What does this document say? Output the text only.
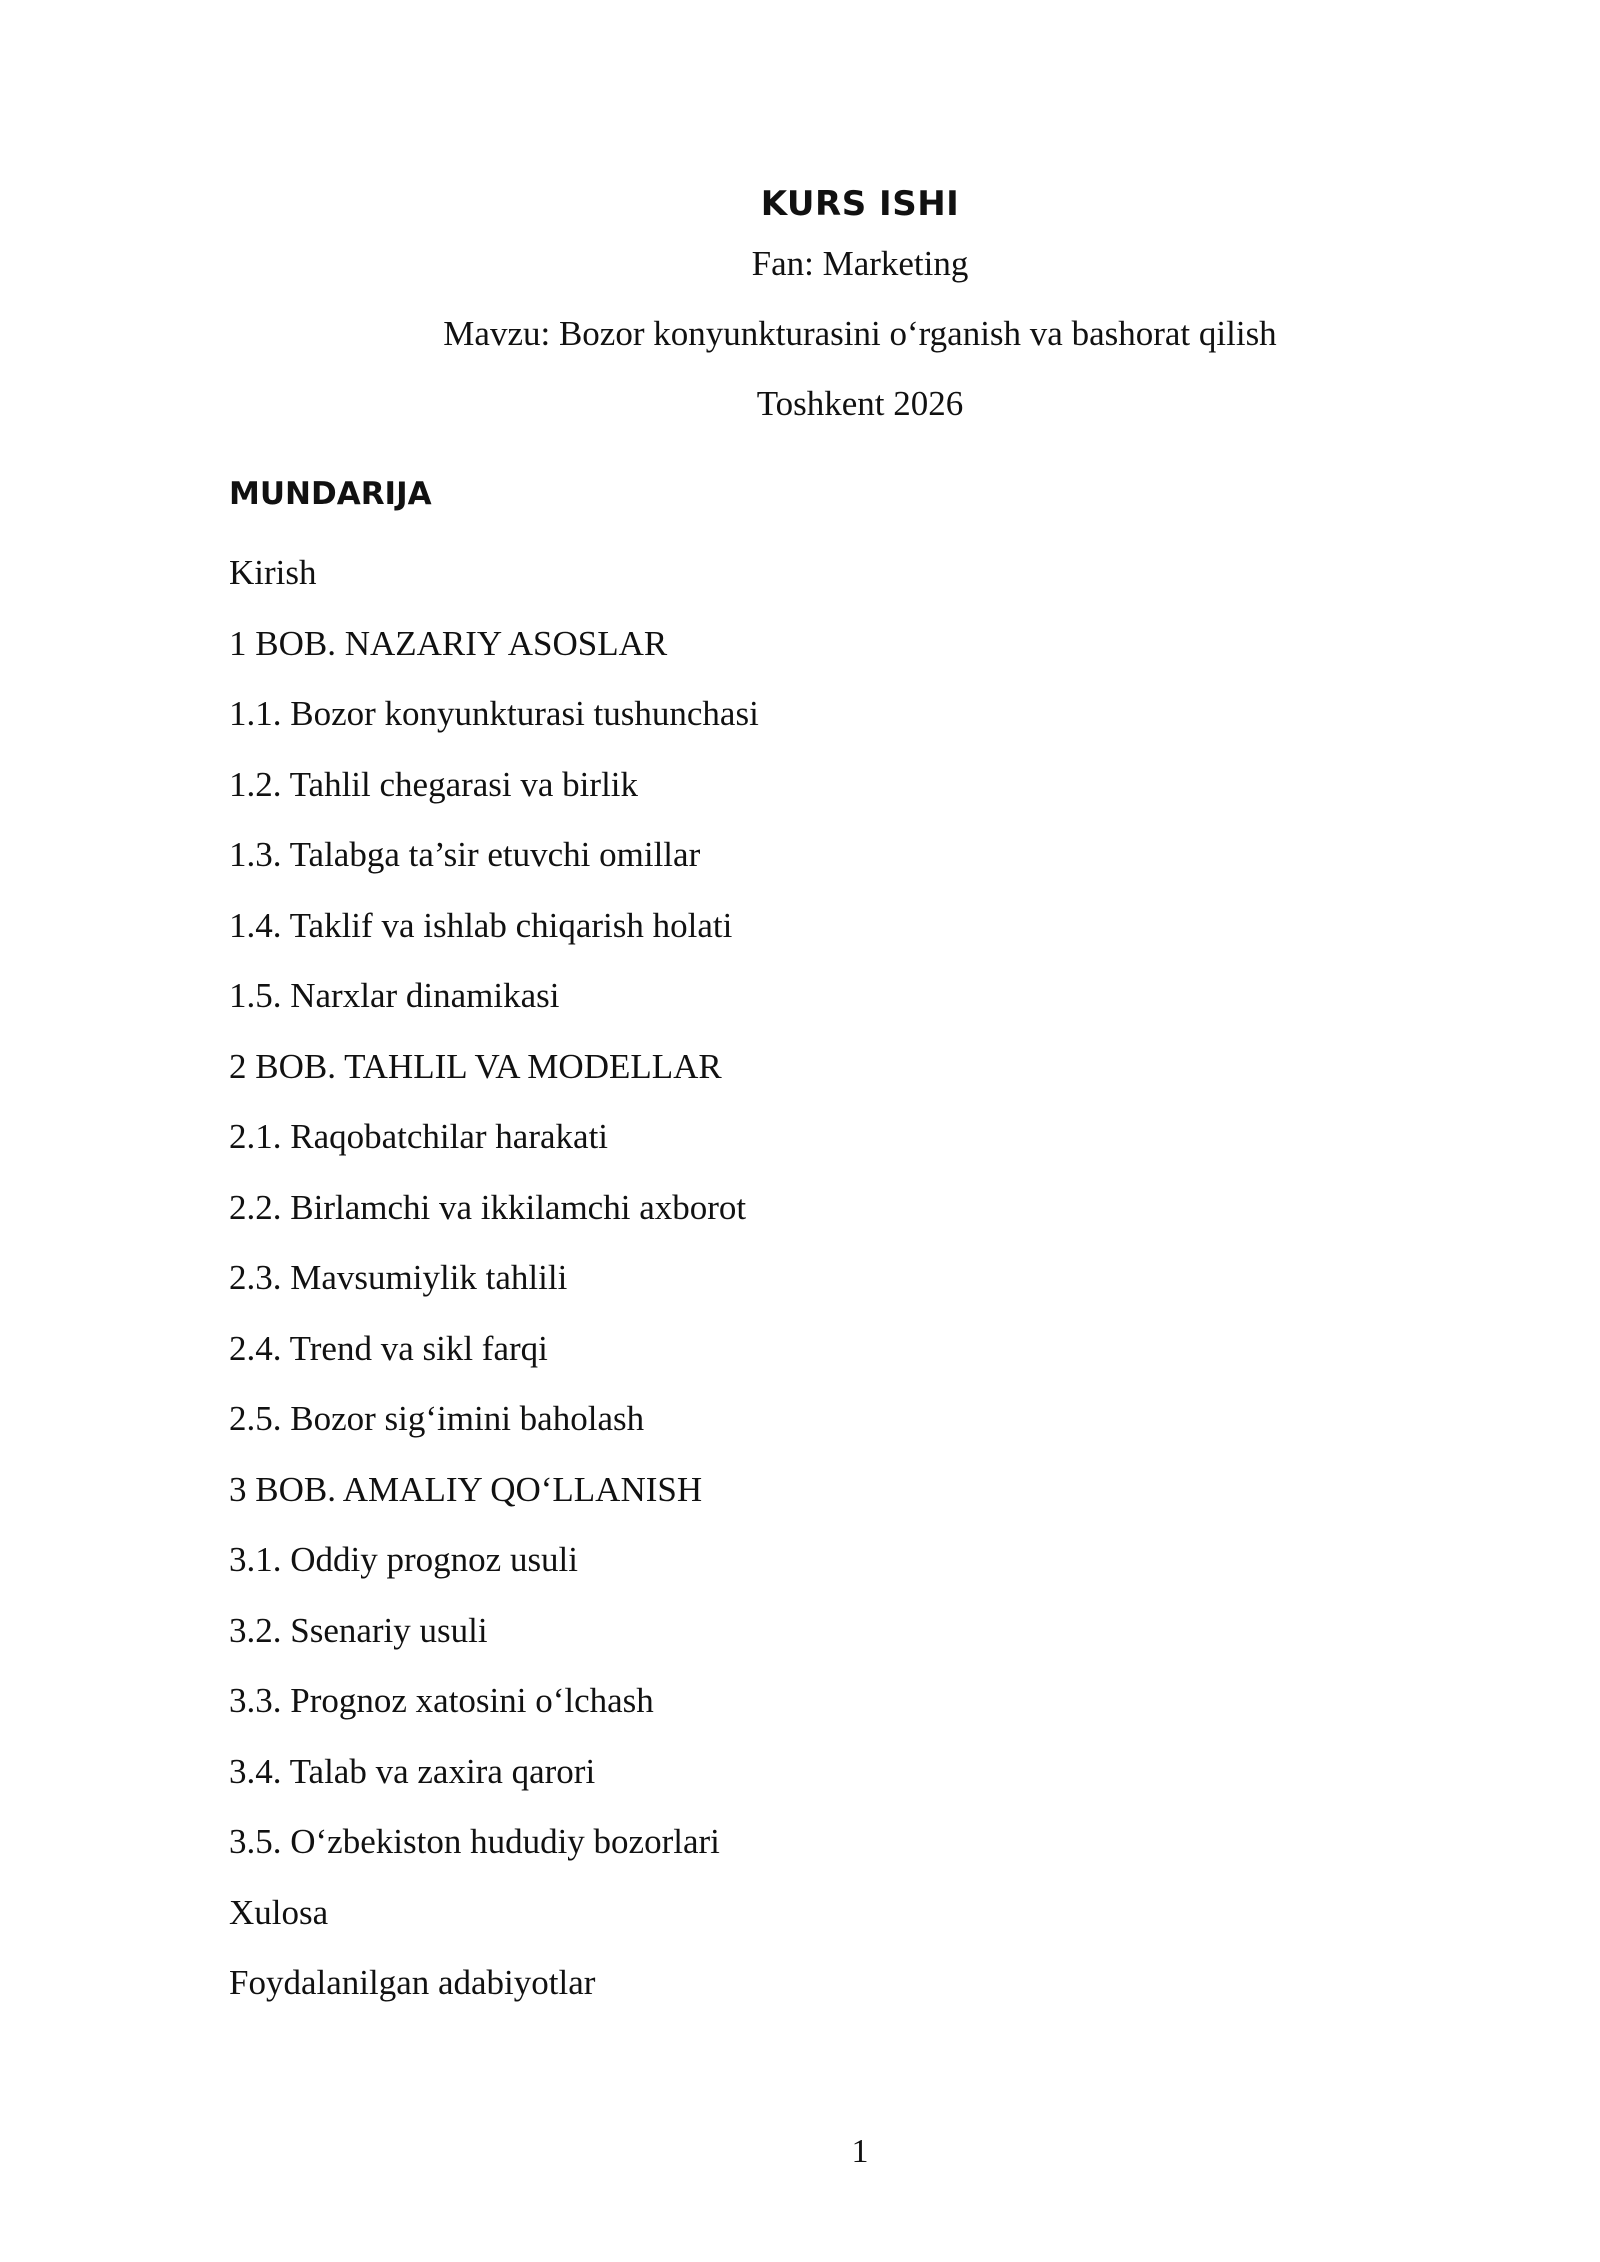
KURS ISHI
Fan: Marketing
Mavzu: Bozor konyunkturasini o‘rganish va bashorat qilish
Toshkent 2026
MUNDARIJA
Kirish
1 BOB. NAZARIY ASOSLAR
1.1. Bozor konyunkturasi tushunchasi
1.2. Tahlil chegarasi va birlik
1.3. Talabga ta’sir etuvchi omillar
1.4. Taklif va ishlab chiqarish holati
1.5. Narxlar dinamikasi
2 BOB. TAHLIL VA MODELLAR
2.1. Raqobatchilar harakati
2.2. Birlamchi va ikkilamchi axborot
2.3. Mavsumiylik tahlili
2.4. Trend va sikl farqi
2.5. Bozor sig‘imini baholash
3 BOB. AMALIY QO‘LLANISH
3.1. Oddiy prognoz usuli
3.2. Ssenariy usuli
3.3. Prognoz xatosini o‘lchash
3.4. Talab va zaxira qarori
3.5. O‘zbekiston hududiy bozorlari
Xulosa
Foydalanilgan adabiyotlar
1
